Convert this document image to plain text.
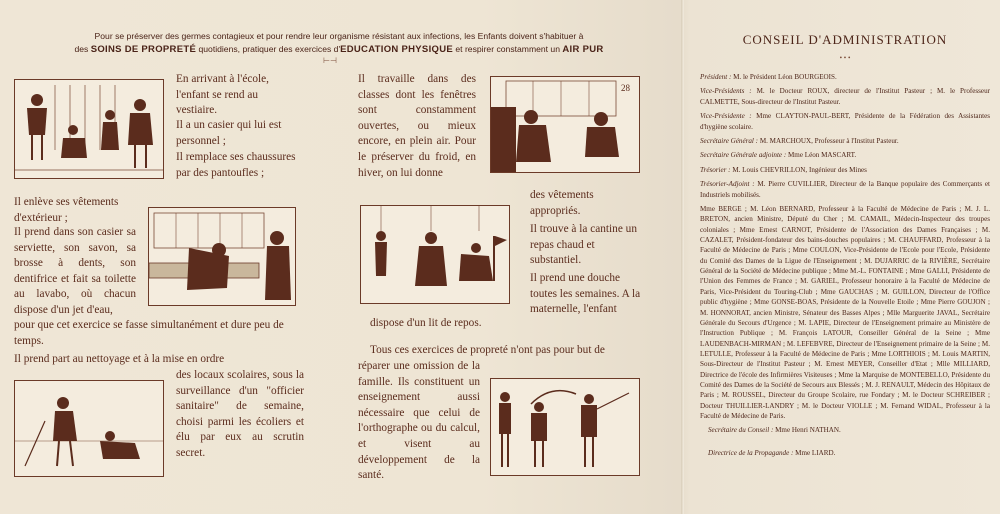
Pour se préserver des germes contagieux et pour rendre leur organisme résistant aux infections, les Enfants doivent s'habituer à
des SOINS DE PROPRETÉ quotidiens, pratiquer des exercices d'EDUCATION PHYSIQUE et respirer constamment un AIR PUR
⊢⊣

En arrivant à l'école, l'enfant se rend au vestiaire.

Il a un casier qui lui est personnel ;

Il remplace ses chaussures par des pantoufles ;

Il enlève ses vêtements d'extérieur ;

Il prend dans son casier sa serviette, son savon, sa brosse à dents, son dentifrice et fait sa toilette au lavabo, où chacun dispose d'un jet d'eau,

pour que cet exercice se fasse simultanément et dure peu de temps.

Il prend part au nettoyage et à la mise en ordre

des locaux scolaires, sous la surveillance d'un "officier sanitaire" de semaine, choisi parmi les écoliers et élu par eux au scrutin secret.

Il travaille dans des classes dont les fenêtres sont constamment ouvertes, ou mieux encore, en plein air. Pour le préserver du froid, en hiver, on lui donne

28

des vêtements appropriés.

Il trouve à la cantine un repas chaud et substantiel.

Il prend une douche toutes les semaines. A la maternelle, l'enfant

dispose d'un lit de repos.

Tous ces exercices de propreté n'ont pas pour but de

réparer une omission de la famille. Ils constituent un enseignement aussi nécessaire que celui de l'orthographe ou du calcul, et visent au développement de la santé.

CONSEIL D'ADMINISTRATION
• • •

Président : M. le Président Léon BOURGEOIS.

Vice-Présidents : M. le Docteur ROUX, directeur de l'Institut Pasteur ; M. le Professeur CALMETTE, Sous-directeur de l'Institut Pasteur.

Vice-Présidente : Mme CLAYTON-PAUL-BERT, Présidente de la Fédération des Assistantes d'hygiène scolaire.

Secrétaire Général : M. MARCHOUX, Professeur à l'Institut Pasteur.

Secrétaire Générale adjointe : Mme Léon MASCART.

Trésorier : M. Louis CHEVRILLON, Ingénieur des Mines

Trésorier-Adjoint : M. Pierre CUVILLIER, Directeur de la Banque populaire des Commerçants et Industriels mobilisés.

Mme BERGE ; M. Léon BERNARD, Professeur à la Faculté de Médecine de Paris ; M. J. L. BRETON, ancien Ministre, Député du Cher ; M. CAMAIL, Médecin-Inspecteur des troupes coloniales ; Mme Ernest CARNOT, Présidente de l'Association des Dames Françaises ; M. CAZALET, Président-fondateur des bains-douches populaires ; M. CHAUFFARD, Professeur à la Faculté de Médecine de Paris ; Mme COULON, Vice-Présidente de l'Ecole pour l'Ecole, Présidente du Comité des Dames de la Ligue de l'Enseignement ; M. DUJARRIC de la RIVIÈRE, Secrétaire Général de la Société de Médecine publique ; Mme M.-L. FONTAINE ; Mme GALLI, Présidente de l'Union des Femmes de France ; M. GARIEL, Professeur honoraire à la Faculté de Médecine de Paris, Vice-Président du Touring-Club ; Mme GAUCHAS ; M. GUILLON, Directeur de l'Office public d'hygiène ; Mme GONSE-BOAS, Présidente de la Nouvelle Etoile ; Mme Pierre GOUJON ; M. HONNORAT, ancien Ministre, Sénateur des Basses Alpes ; Mlle Marguerite JAVAL, Secrétaire Générale du Secours d'Urgence ; M. LAPIE, Directeur de l'Enseignement primaire au Ministère de l'Instruction Publique ; M. François LATOUR, Conseiller Général de la Seine ; Mme LAUDENBACH-MIRMAN ; M. LEFEBVRE, Directeur de l'Enseignement primaire de la Seine ; M. LETULLE, Professeur à la Faculté de Médecine de Paris ; Mme LORTHIOIS ; M. Louis MARTIN, Sous-Directeur de l'Institut Pasteur ; M. Ernest MEYER, Conseiller d'Etat ; Mlle MILLIARD, Directrice de l'école des Infirmières Visiteuses ; Mme la Marquise de MONTEBELLO, Présidente du Comité des Dames de la Société de Secours aux Blessés ; M. J. RENAULT, Médecin des Hôpitaux de Paris ; M. ROUSSEL, Directeur du Groupe Scolaire, rue Fondary ; M. le Docteur SCHREIBER ; Docteur THUILLIER-LANDRY ; M. le Docteur VIOLLE ; M. Fernand WIDAL, Professeur à la Faculté de Médecine de Paris.

Secrétaire du Conseil : Mme Henri NATHAN.

Directrice de la Propagande : Mme LIARD.
